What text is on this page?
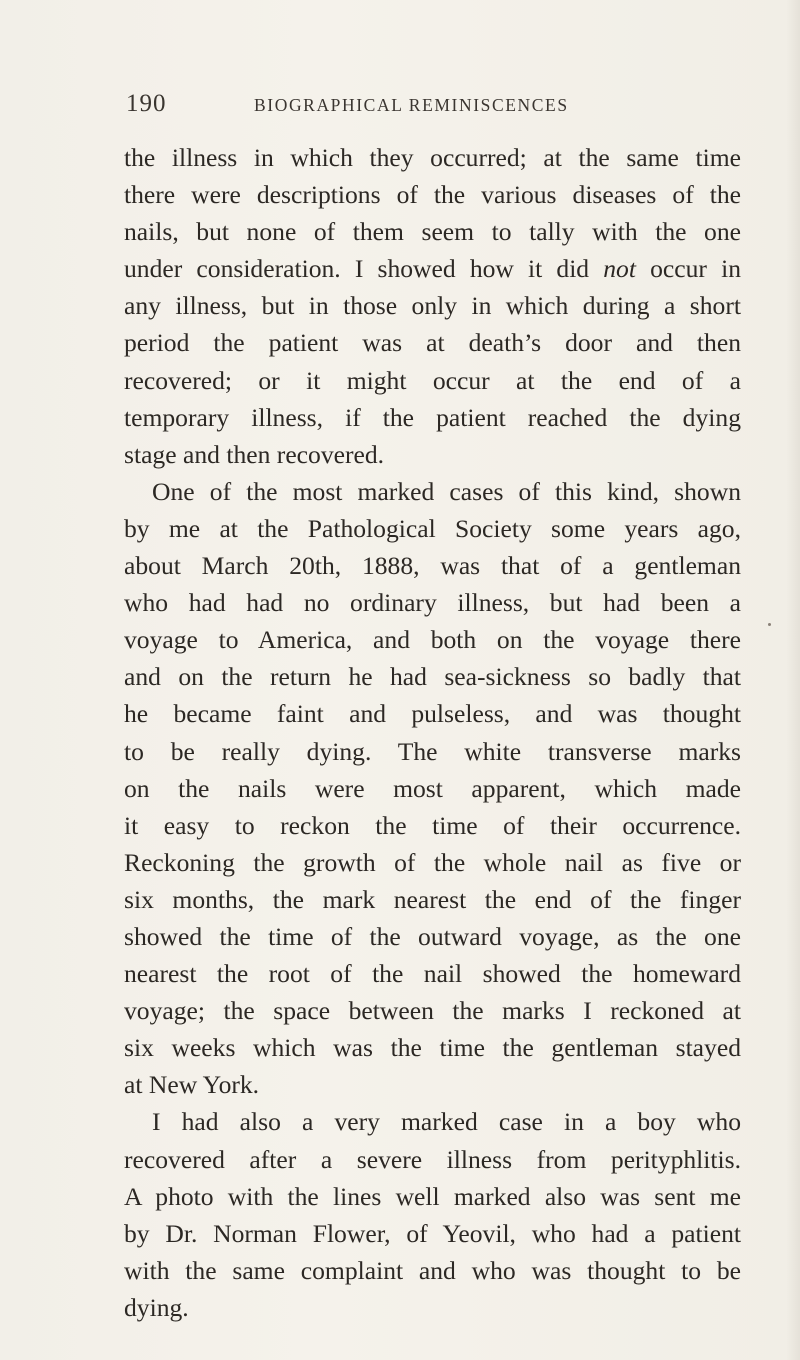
190	BIOGRAPHICAL REMINISCENCES
the illness in which they occurred; at the same time
there were descriptions of the various diseases of the
nails, but none of them seem to tally with the one
under consideration. I showed how it did not occur in
any illness, but in those only in which during a short
period the patient was at death’s door and then
recovered; or it might occur at the end of a
temporary illness, if the patient reached the dying
stage and then recovered.
One of the most marked cases of this kind, shown
by me at the Pathological Society some years ago,
about March 20th, 1888, was that of a gentleman
who had had no ordinary illness, but had been a
voyage to America, and both on the voyage there
and on the return he had sea-sickness so badly that
he became faint and pulseless, and was thought
to be really dying. The white transverse marks
on the nails were most apparent, which made
it easy to reckon the time of their occurrence.
Reckoning the growth of the whole nail as five or
six months, the mark nearest the end of the finger
showed the time of the outward voyage, as the one
nearest the root of the nail showed the homeward
voyage; the space between the marks I reckoned at
six weeks which was the time the gentleman stayed
at New York.
I had also a very marked case in a boy who
recovered after a severe illness from perityphlitis.
A photo with the lines well marked also was sent me
by Dr. Norman Flower, of Yeovil, who had a patient
with the same complaint and who was thought to be
dying.
